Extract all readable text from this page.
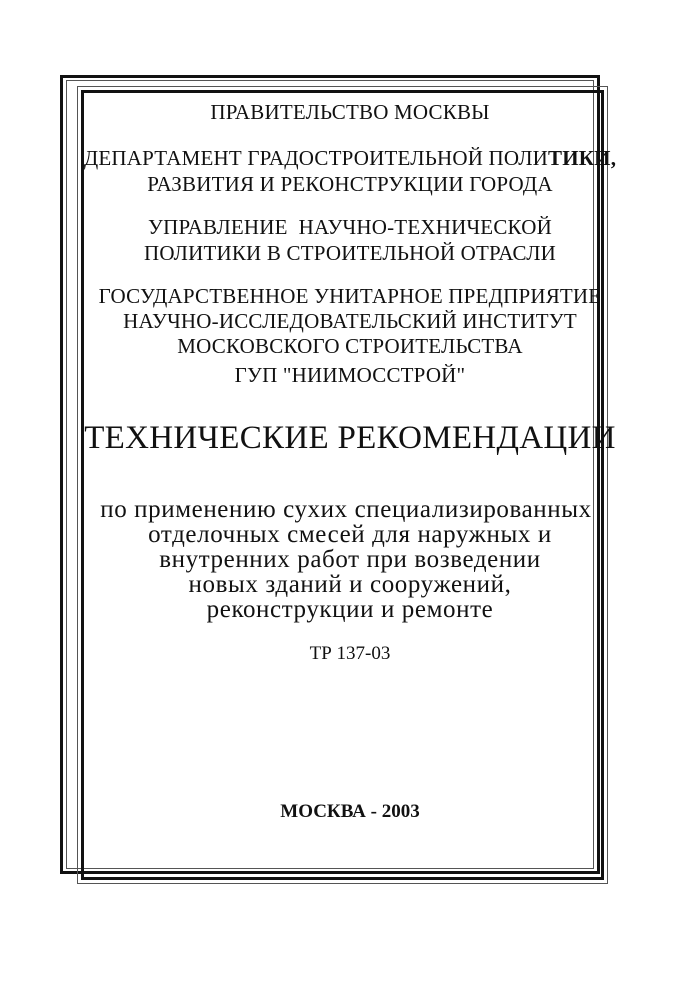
ПРАВИТЕЛЬСТВО МОСКВЫ
ДЕПАРТАМЕНТ ГРАДОСТРОИТЕЛЬНОЙ ПОЛИТИКИ,
РАЗВИТИЯ И РЕКОНСТРУКЦИИ ГОРОДА
УПРАВЛЕНИЕ  НАУЧНО-ТЕХНИЧЕСКОЙ
ПОЛИТИКИ В СТРОИТЕЛЬНОЙ ОТРАСЛИ
ГОСУДАРСТВЕННОЕ УНИТАРНОЕ ПРЕДПРИЯТИЕ
НАУЧНО-ИССЛЕДОВАТЕЛЬСКИЙ ИНСТИТУТ
МОСКОВСКОГО СТРОИТЕЛЬСТВА
ГУП "НИИМОССТРОЙ"
ТЕХНИЧЕСКИЕ РЕКОМЕНДАЦИИ
по применению сухих специализированных
отделочных смесей для наружных и
внутренних работ при возведении
новых зданий и сооружений,
реконструкции и ремонте
ТР 137-03
МОСКВА - 2003
